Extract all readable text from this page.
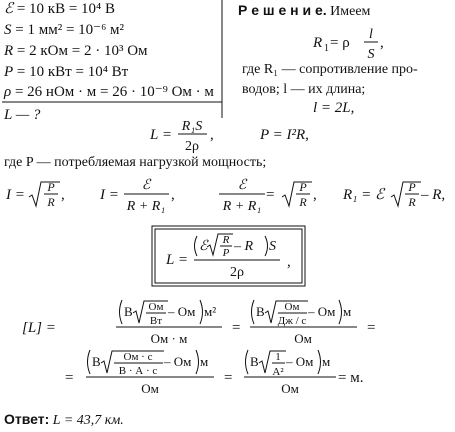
ℰ = 10 кВ = 10⁴ В
S = 1 мм² = 10⁻⁶ м²
R = 2 кОм = 2 · 10³ Ом
P = 10 кВт = 10⁴ Вт
ρ = 26 нОм · м = 26 · 10⁻⁹ Ом · м
L — ?
Р е ш е н и е. Имеем
R 1 = ρ
l
S
,
где R₁ — сопротивление про-
водов; l — их длина;
l = 2L,
L =
R₁S
2ρ
,	P = I²R,
где P — потребляемая нагрузкой мощность;
I = P
R , I =
ℰ
R + R₁
,
ℰ
R + R₁
= P
R , R₁ = ℰ P
R – R,
L =
ℰ R
P – R S
2ρ
,
[L] =
В Ом
Вт
– Ом м²
Ом · м
=
В Ом
Дж / с
– Ом м
Ом
=
=
В Ом · с
В · А · с
– Ом м
Ом
=
В 1
А²
– Ом м
Ом
= м.
Ответ: L = 43,7 км.
